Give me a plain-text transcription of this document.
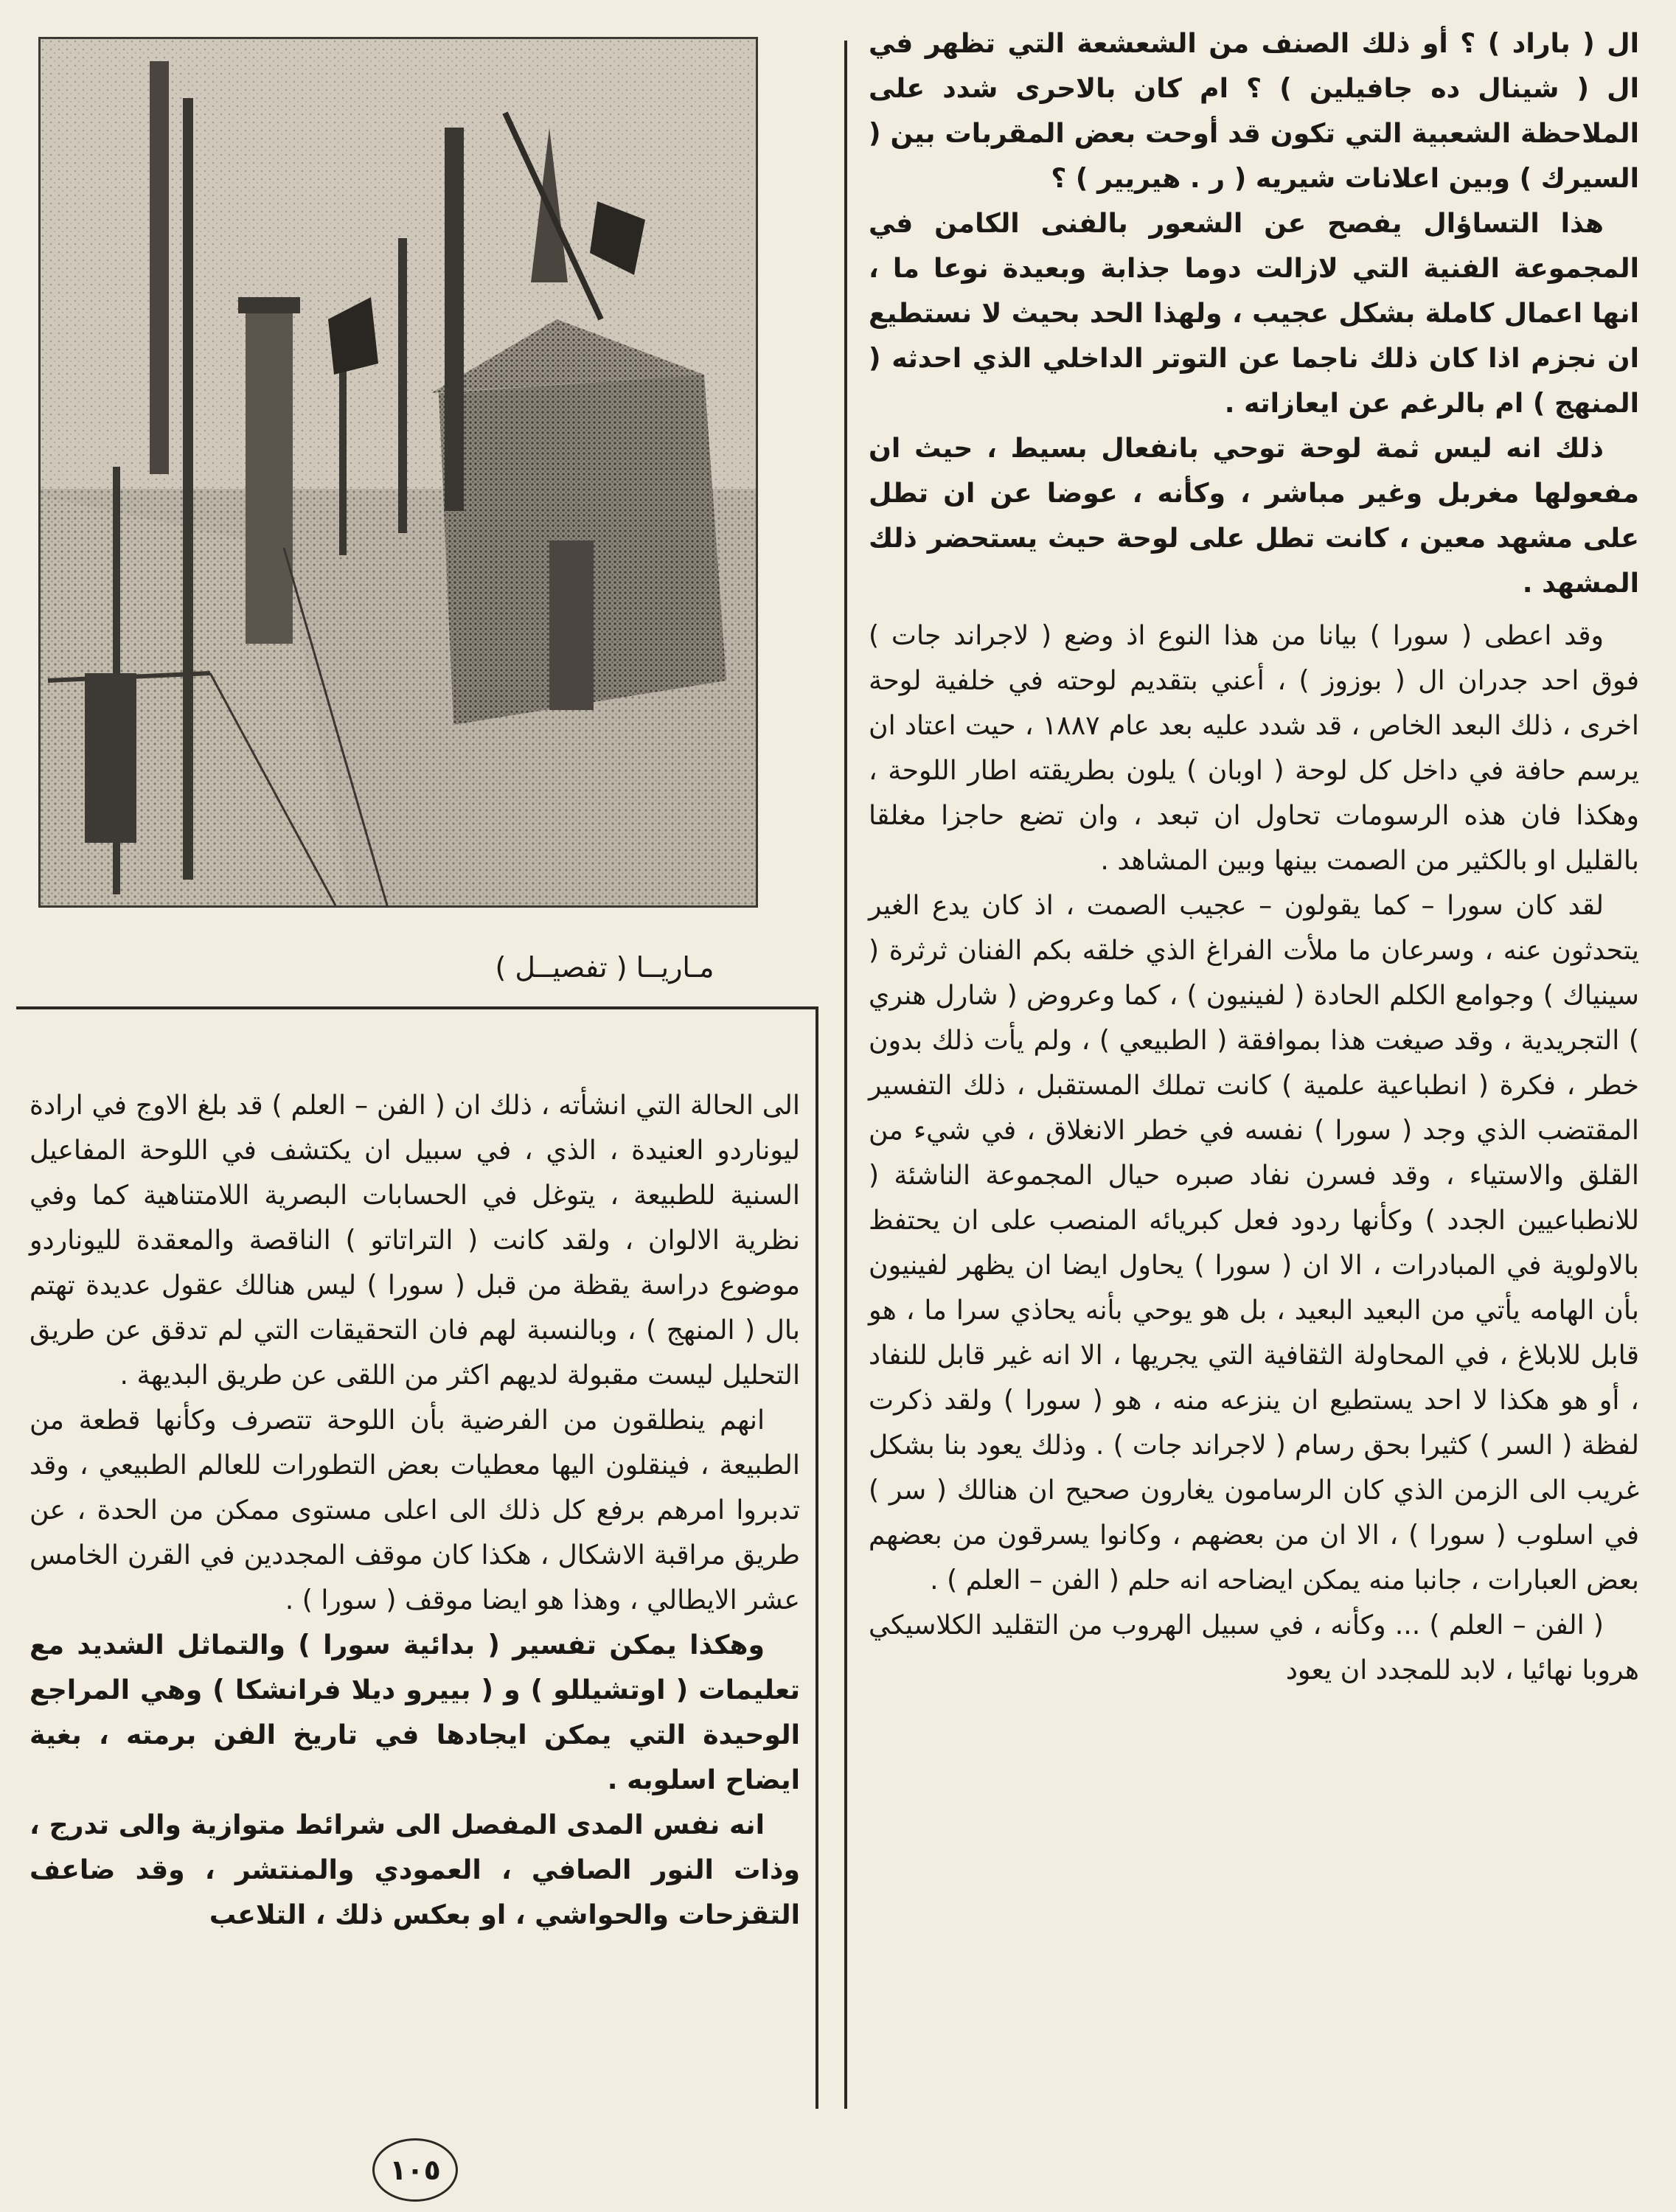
مـاريــا ( تفصيــل )

ال ( باراد ) ؟ أو ذلك الصنف من الشعشعة التي تظهر في ال ( شينال ده جافيلين ) ؟ ام كان بالاحرى شدد على الملاحظة الشعبية التي تكون قد أوحت بعض المقربات بين ( السيرك ) وبين اعلانات شيريه ( ر . هيريير ) ؟

هذا التساؤال يفصح عن الشعور بالفنى الكامن في المجموعة الفنية التي لازالت دوما جذابة وبعيدة نوعا ما ، انها اعمال كاملة بشكل عجيب ، ولهذا الحد بحيث لا نستطيع ان نجزم اذا كان ذلك ناجما عن التوتر الداخلي الذي احدثه ( المنهج ) ام بالرغم عن ايعازاته .

ذلك انه ليس ثمة لوحة توحي بانفعال بسيط ، حيث ان مفعولها مغربل وغير مباشر ، وكأنه ، عوضا عن ان تطل على مشهد معين ، كانت تطل على لوحة حيث يستحضر ذلك المشهد .

وقد اعطى ( سورا ) بيانا من هذا النوع اذ وضع ( لاجراند جات ) فوق احد جدران ال ( بوزوز ) ، أعني بتقديم لوحته في خلفية لوحة اخرى ، ذلك البعد الخاص ، قد شدد عليه بعد عام ١٨٨٧ ، حيت اعتاد ان يرسم حافة في داخل كل لوحة ( اوبان ) يلون بطريقته اطار اللوحة ، وهكذا فان هذه الرسومات تحاول ان تبعد ، وان تضع حاجزا مغلقا بالقليل او بالكثير من الصمت بينها وبين المشاهد .

لقد كان سورا – كما يقولون – عجيب الصمت ، اذ كان يدع الغير يتحدثون عنه ، وسرعان ما ملأت الفراغ الذي خلقه بكم الفنان ثرثرة ( سينياك ) وجوامع الكلم الحادة ( لفينيون ) ، كما وعروض ( شارل هنري ) التجريدية ، وقد صيغت هذا بموافقة ( الطبيعي ) ، ولم يأت ذلك بدون خطر ، فكرة ( انطباعية علمية ) كانت تملك المستقبل ، ذلك التفسير المقتضب الذي وجد ( سورا ) نفسه في خطر الانغلاق ، في شيء من القلق والاستياء ، وقد فسرن نفاد صبره حيال المجموعة الناشئة ( للانطباعيين الجدد ) وكأنها ردود فعل كبريائه المنصب على ان يحتفظ بالاولوية في المبادرات ، الا ان ( سورا ) يحاول ايضا ان يظهر لفينيون بأن الهامه يأتي من البعيد البعيد ، بل هو يوحي بأنه يحاذي سرا ما ، هو قابل للابلاغ ، في المحاولة الثقافية التي يجريها ، الا انه غير قابل للنفاد ، أو هو هكذا لا احد يستطيع ان ينزعه منه ، هو ( سورا ) ولقد ذكرت لفظة ( السر ) كثيرا بحق رسام ( لاجراند جات ) . وذلك يعود بنا بشكل غريب الى الزمن الذي كان الرسامون يغارون صحيح ان هنالك ( سر ) في اسلوب ( سورا ) ، الا ان من بعضهم ، وكانوا يسرقون من بعضهم بعض العبارات ، جانبا منه يمكن ايضاحه انه حلم ( الفن – العلم ) .

( الفن – العلم ) ... وكأنه ، في سبيل الهروب من التقليد الكلاسيكي هروبا نهائيا ، لابد للمجدد ان يعود

الى الحالة التي انشأته ، ذلك ان ( الفن – العلم ) قد بلغ الاوج في ارادة ليوناردو العنيدة ، الذي ، في سبيل ان يكتشف في اللوحة المفاعيل السنية للطبيعة ، يتوغل في الحسابات البصرية اللامتناهية كما وفي نظرية الالوان ، ولقد كانت ( التراتاتو ) الناقصة والمعقدة لليوناردو موضوع دراسة يقظة من قبل ( سورا ) ليس هنالك عقول عديدة تهتم بال ( المنهج ) ، وبالنسبة لهم فان التحقيقات التي لم تدقق عن طريق التحليل ليست مقبولة لديهم اكثر من اللقى عن طريق البديهة .

انهم ينطلقون من الفرضية بأن اللوحة تتصرف وكأنها قطعة من الطبيعة ، فينقلون اليها معطيات بعض التطورات للعالم الطبيعي ، وقد تدبروا امرهم برفع كل ذلك الى اعلى مستوى ممكن من الحدة ، عن طريق مراقبة الاشكال ، هكذا كان موقف المجددين في القرن الخامس عشر الايطالي ، وهذا هو ايضا موقف ( سورا ) .

وهكذا يمكن تفسير ( بدائية سورا ) والتماثل الشديد مع تعليمات ( اوتشيللو ) و ( بييرو ديلا فرانشكا ) وهي المراجع الوحيدة التي يمكن ايجادها في تاريخ الفن برمته ، بغية ايضاح اسلوبه .

انه نفس المدى المفصل الى شرائط متوازية والى تدرج ، وذات النور الصافي ، العمودي والمنتشر ، وقد ضاعف التقزحات والحواشي ، او بعكس ذلك ، التلاعب

١٠٥
